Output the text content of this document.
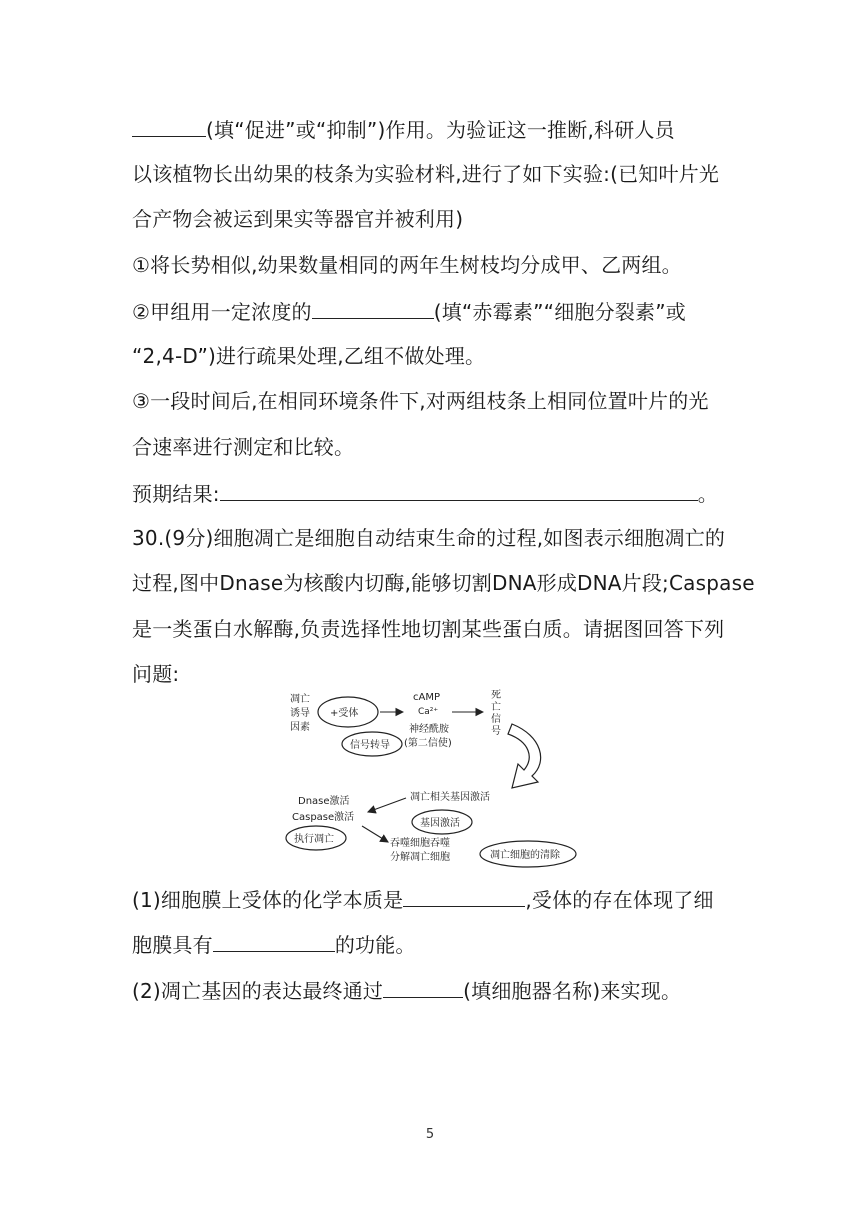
(填“促进”或“抑制”)作用。为验证这一推断,科研人员
以该植物长出幼果的枝条为实验材料,进行了如下实验:(已知叶片光
合产物会被运到果实等器官并被利用)
①将长势相似,幼果数量相同的两年生树枝均分成甲、乙两组。
②甲组用一定浓度的	(填“赤霉素”“细胞分裂素”或
“2,4-D”)进行疏果处理,乙组不做处理。
③一段时间后,在相同环境条件下,对两组枝条上相同位置叶片的光
合速率进行测定和比较。
预期结果:	。
30.(9分)细胞凋亡是细胞自动结束生命的过程,如图表示细胞凋亡的
过程,图中Dnase为核酸内切酶,能够切割DNA形成DNA片段;Caspase
是一类蛋白水解酶,负责选择性地切割某些蛋白质。请据图回答下列
问题:
凋亡
诱导
因素
+受体
cAMP
Ca²⁺
神经酰胺
(第二信使)
死
亡
信
号
信号转导
凋亡相关基因激活
基因激活
Dnase激活
Caspase激活
执行凋亡	吞噬细胞吞噬
分解凋亡细胞	凋亡细胞的清除
(1)细胞膜上受体的化学本质是	,受体的存在体现了细
胞膜具有	的功能。
(2)凋亡基因的表达最终通过	(填细胞器名称)来实现。
5
